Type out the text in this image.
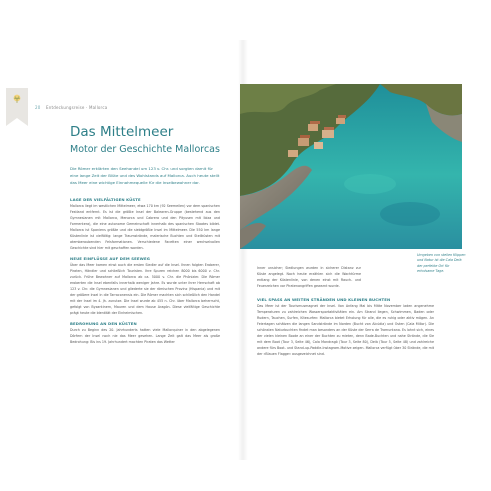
20 Entdeckungsreise · Mallorca
Das Mittelmeer
Motor der Geschichte Mallorcas
Die Römer erklärten den Seehandel um 123 v. Chr. und sorgten damit für eine lange Zeit der Blüte und des Wohlstands auf Mallorca. Auch heute stellt das Meer eine wichtige Einnahmequelle für die Inselbewohner dar.
LAGE DER VIELFÄLTIGEN KÜSTE

Mallorca liegt im westlichen Mittelmeer, etwa 170 km (92 Seemeilen) vor dem spanischen Festland entfernt. Es ist die größte Insel der Balearen-Gruppe (bestehend aus den Gymnesianen mit Mallorca, Menorca und Cabrera und den Pityusen mit Ibiza und Formentera), die eine autonome Gemeinschaft innerhalb des spanischen Staates bildet. Mallorca ist Spaniens größte und die siebtgrößte Insel im Mittelmeer. Die 550 km lange Küstenlinie ist vielfältig: lange Traumstrände, malerische Buchten und Steilküsten mit atemberaubenden Felsformationen. Verschiedene Facetten einer wechselvollen Geschichte sind hier mit geschaffen worden.

NEUE EINFLÜSSE AUF DEM SEEWEG

Über das Meer kamen einst auch die ersten Siedler auf die Insel. Ihnen folgten Eroberer, Piraten, Händler und schließlich Touristen. Ihre Spuren reichen 8000 bis 6000 v. Chr. zurück. Frühe Bewohner auf Mallorca ab ca. 5000 v. Chr. die Phönizier. Die Römer eroberten die Insel ebenfalls innerhalb weniger Jahre. Es wurde unter ihrer Herrschaft ab 123 v. Chr. die Gymnesianen und gliederte sie der römischen Provinz (Hispania) und mit der größere Insel in die Tarraconensis ein. Die Römer machten sich schließlich den Handel mit der Insel im 4. Jh. zunutze. Die Insel wurde ab 455 n. Chr. über Mallorca beherrscht, gefolgt von Byzantinern, Mauren und dem Hause Aragón. Diese vielfältige Geschichte prägt heute die Identität der Einheimischen.

BEDROHUNG AN DEN KÜSTEN

Durch zu Beginn des 20. Jahrhunderts hatten viele Mallorquiner in den abgelegenen Dörfern der Insel noch nie das Meer gesehen. Lange Zeit galt das Meer als große Bedrohung: Bis ins 19. Jahrhundert machten Piraten das Wetter

Umgeben von steilen Klippen und Natur ist die Cala Deià der perfekte Ort für erholsame Tage.

Inner unsicher; Siedlungen wurden in sicherer Distanz zur Küste angelegt. Noch heute erzählen sich die Wachtürme entlang der Küstenlinie, von denen einst mit Rauch- und Feuerzeichen vor Piratenangriffen gewarnt wurde.

VIEL SPASS AN WEITEN STRÄNDEN UND KLEINEN BUCHTEN

Das Meer ist der Tourismusmagnet der Insel. Von Anfang Mai bis Mitte November laden angenehme Temperaturen zu zahlreichen Wassersportaktivitäten ein. Am Strand liegen, Schwimmen, Baden oder Rudern, Tauchen, Surfen, Kitesurfen: Mallorca bietet Erholung für alle, die es ruhig oder aktiv mögen. An Feiertagen schätzen die langen Sandstrände im Norden (Bucht von Alcúdia) und Osten (Cala Millor). Die schönsten Naturbuchten findet man besonders an der Küste der Serra de Tramuntana. Es lohnt sich, eines der vielen kleinen Boote an einer der Buchten zu mieten, denn Bade-Buchten und nahe Strände, die Sie mit dem Boot (Tour 3, Seite 46), Cala Mondragó (Tour 3, Seite 80), Deià (Tour 5, Seite 48) und zahlreiche andere fürs Boot- und Stand-up-Paddle-Instagram-Motive zeigen. Mallorca verfügt über 30 Strände, die mit der »Blauen Flagge« ausgezeichnet sind.
